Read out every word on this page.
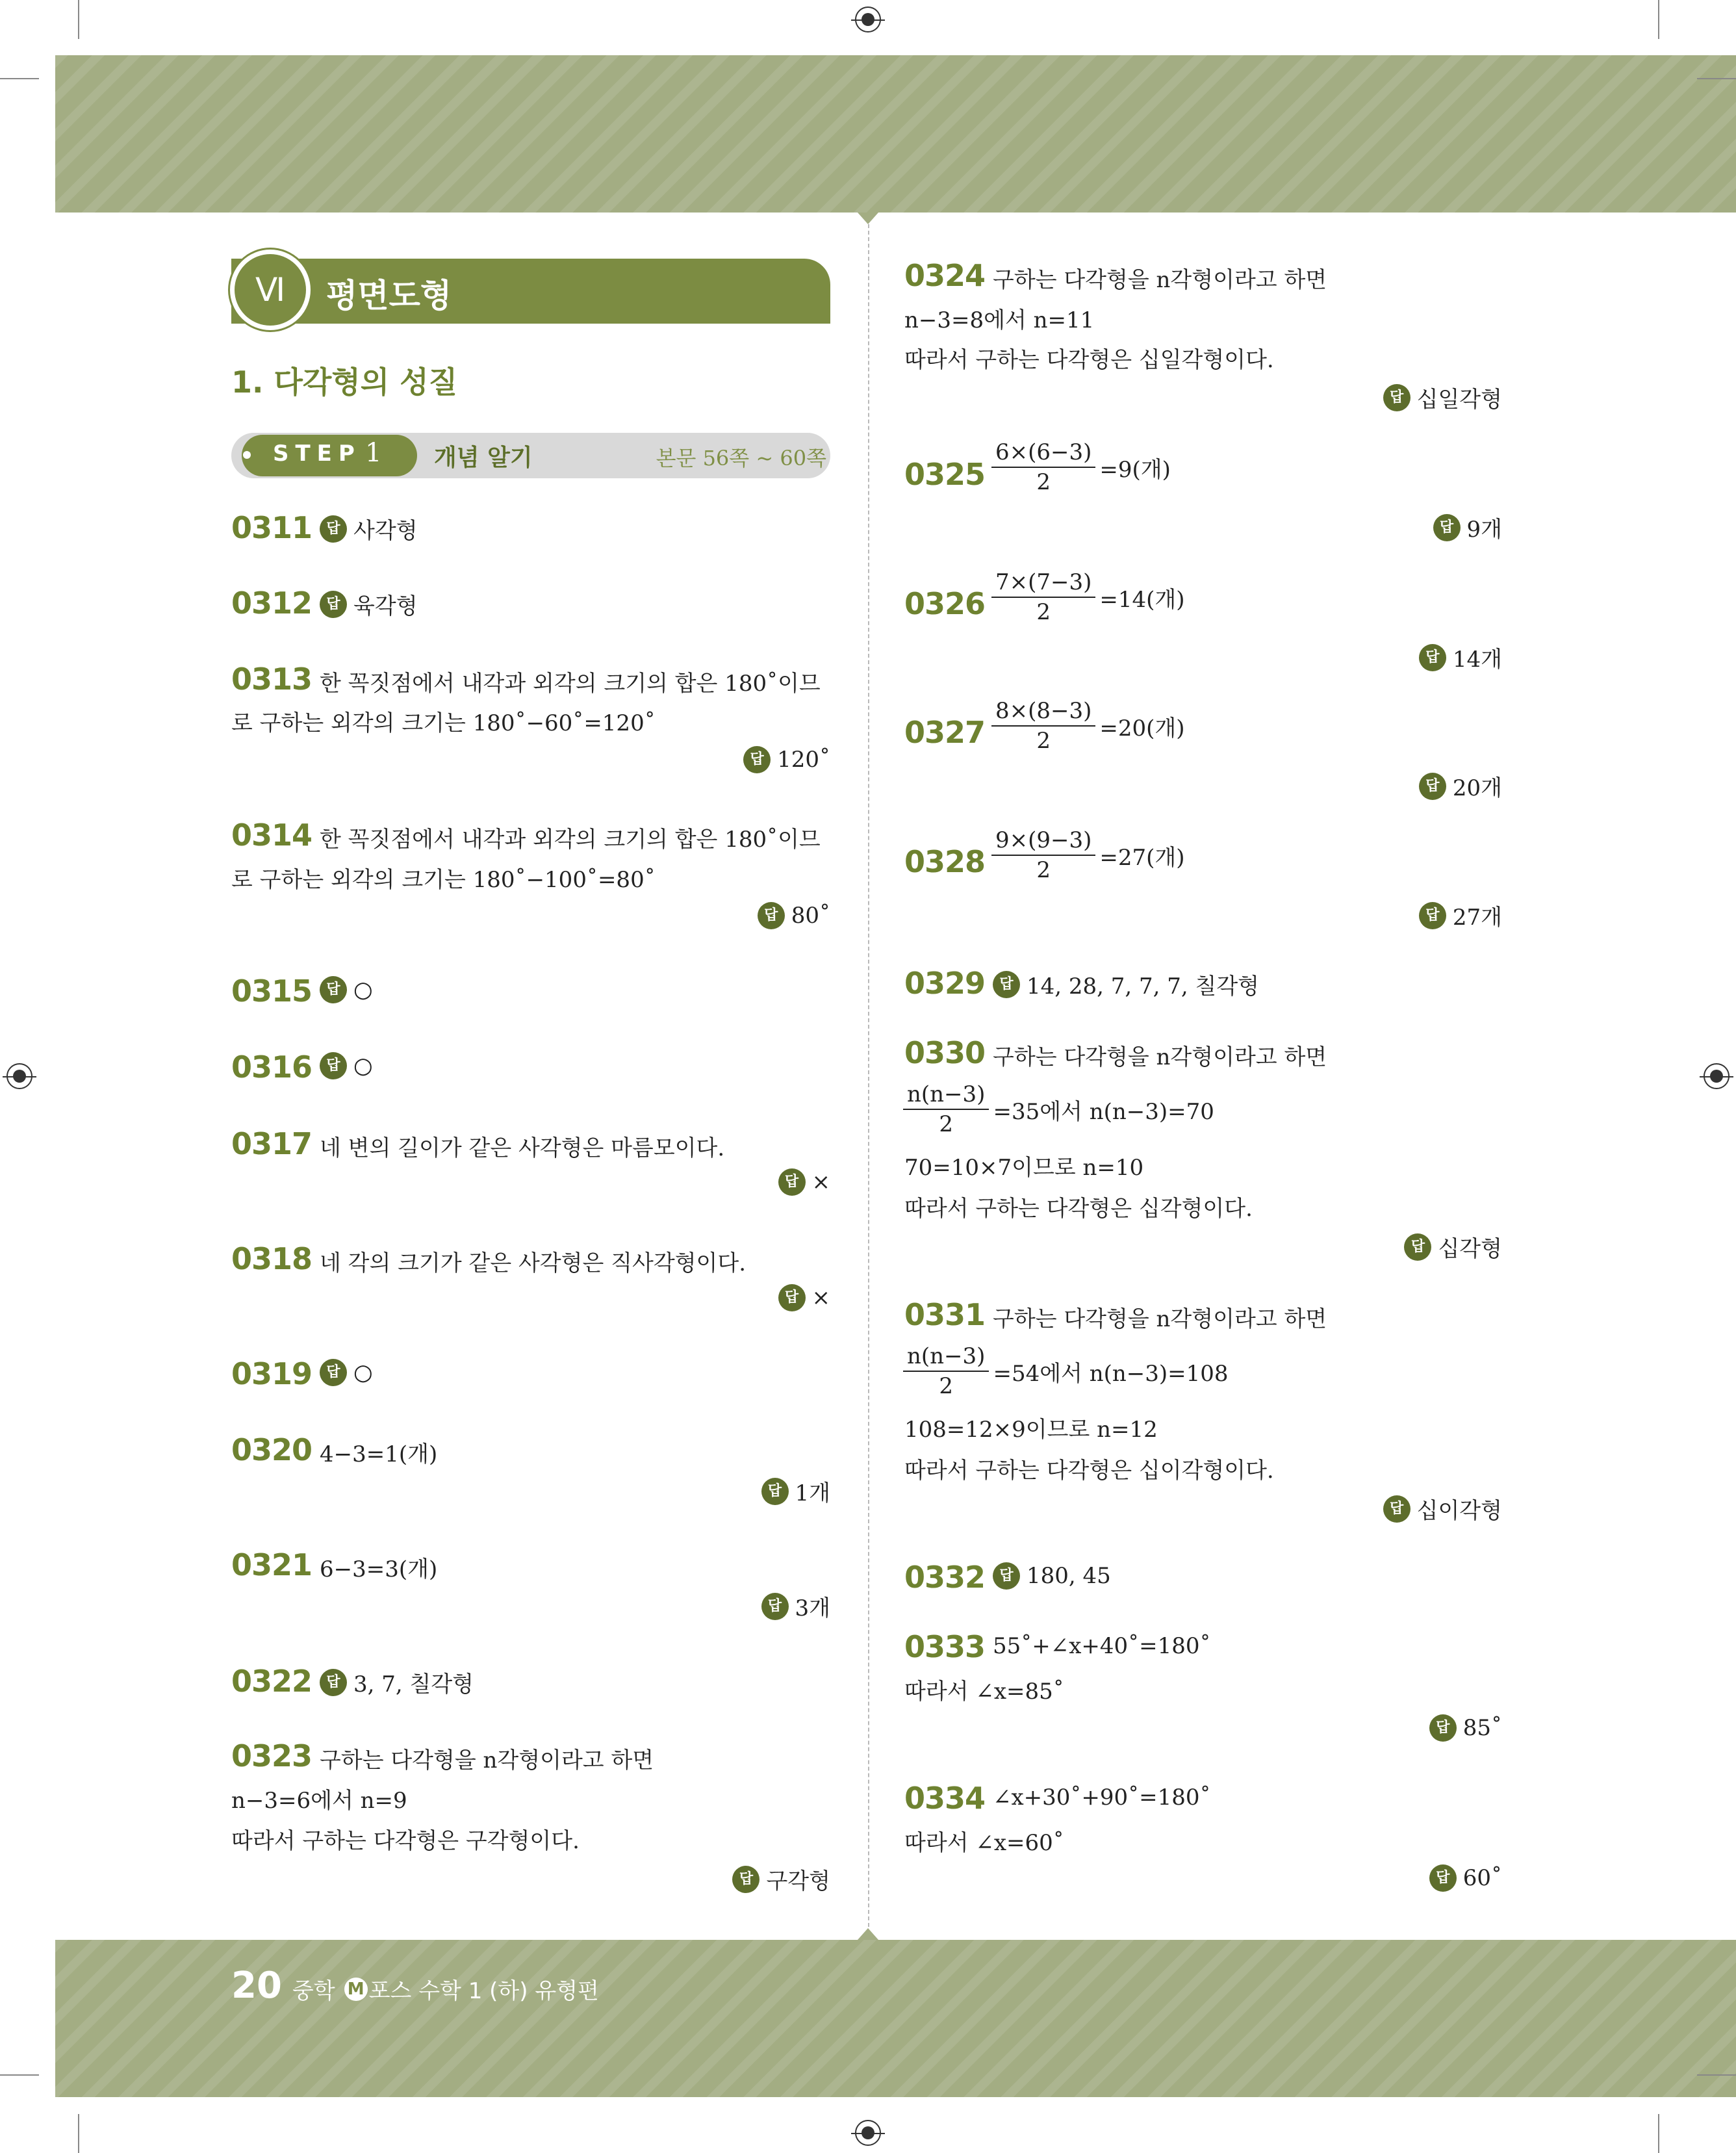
Ⅵ	평면도형
1. 다각형의 성질
STEP 1 개념 알기	본문 56쪽 ~ 60쪽
0311	답 사각형
0312	답 육각형
0313 한 꼭짓점에서 내각과 외각의 크기의 합은 180˚이므
로 구하는 외각의 크기는 180˚−60˚=120˚
답 120˚
0314 한 꼭짓점에서 내각과 외각의 크기의 합은 180˚이므
로 구하는 외각의 크기는 180˚−100˚=80˚
답 80˚
0315	답 ○
0316	답 ○
0317 네 변의 길이가 같은 사각형은 마름모이다.
답 ×
0318 네 각의 크기가 같은 사각형은 직사각형이다.
답 ×
0319	답 ○
0320 4−3=1(개)
답 1개
0321 6−3=3(개)
답 3개
0322	답 3, 7, 칠각형
0323 구하는 다각형을 n각형이라고 하면
n−3=6에서 n=9
따라서 구하는 다각형은 구각형이다.
답 구각형
0324 구하는 다각형을 n각형이라고 하면
n−3=8에서 n=11
따라서 구하는 다각형은 십일각형이다.
답 십일각형
$0325 \frac{6\times(6-3)}{2} =9$(개)
답 9개
$0326 \frac{7\times(7-3)}{2} =14$(개)
답 14개
$0327 \frac{8\times(8-3)}{2} =20$(개)
답 20개
$0328 \frac{9\times(9-3)}{2} =27$(개)
답 27개
0329	답 14, 28, 7, 7, 7, 칠각형
0330 구하는 다각형을 n각형이라고 하면
$\frac{n(n-3)}{2} =35$에서 n(n−3)=70
70=10×7이므로 n=10
따라서 구하는 다각형은 십각형이다.
답 십각형
0331 구하는 다각형을 n각형이라고 하면
$\frac{n(n-3)}{2} =54$에서 n(n−3)=108
108=12×9이므로 n=12
따라서 구하는 다각형은 십이각형이다.
답 십이각형
0332	답 180, 45
0333 55˚+∠x+40˚=180˚
따라서 ∠x=85˚
답 85˚
0334 ∠x+30˚+90˚=180˚
따라서 ∠x=60˚
답 60˚
20 중학 M 포스 수학 1 (하) 유형편
